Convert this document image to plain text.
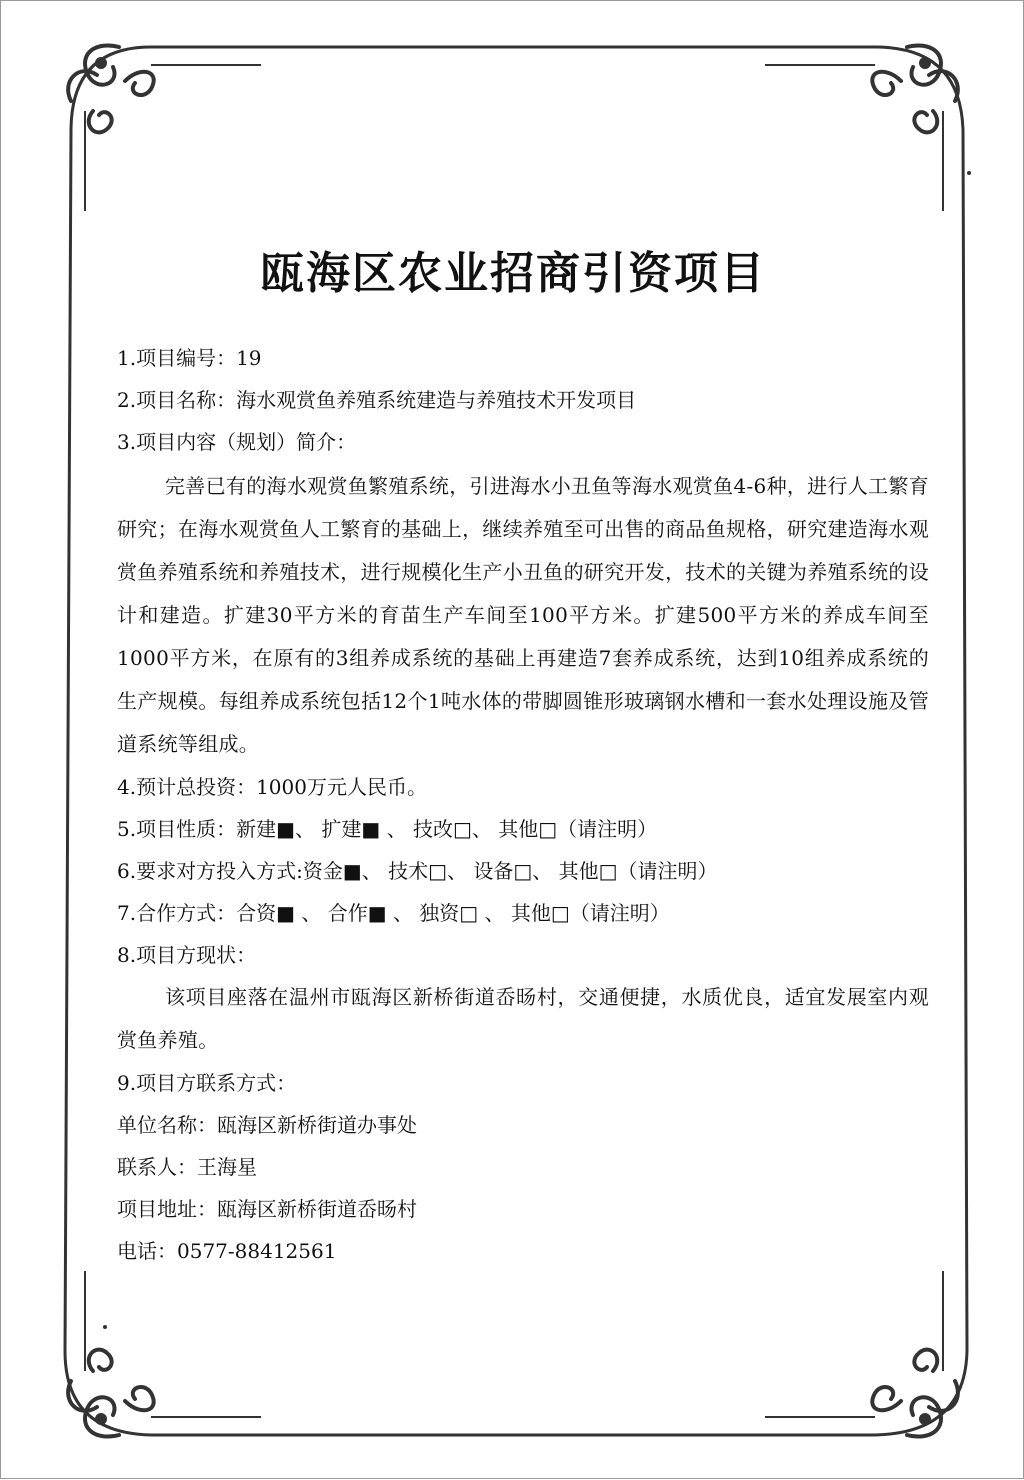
瓯海区农业招商引资项目
1.项目编号：19
2.项目名称：海水观赏鱼养殖系统建造与养殖技术开发项目
3.项目内容（规划）简介：
完善已有的海水观赏鱼繁殖系统，引进海水小丑鱼等海水观赏鱼4-6种，进行人工繁育研究；在海水观赏鱼人工繁育的基础上，继续养殖至可出售的商品鱼规格，研究建造海水观赏鱼养殖系统和养殖技术，进行规模化生产小丑鱼的研究开发，技术的关键为养殖系统的设计和建造。扩建30平方米的育苗生产车间至100平方米。扩建500平方米的养成车间至1000平方米，在原有的3组养成系统的基础上再建造7套养成系统，达到10组养成系统的生产规模。每组养成系统包括12个1吨水体的带脚圆锥形玻璃钢水槽和一套水处理设施及管道系统等组成。
4.预计总投资：1000万元人民币。
5.项目性质：新建■、 扩建■ 、 技改□、 其他□（请注明）
6.要求对方投入方式:资金■、 技术□、 设备□、 其他□（请注明）
7.合作方式：合资■ 、 合作■ 、 独资□ 、 其他□（请注明）
8.项目方现状：
该项目座落在温州市瓯海区新桥街道岙旸村，交通便捷，水质优良，适宜发展室内观赏鱼养殖。
9.项目方联系方式：
单位名称：瓯海区新桥街道办事处
联系人：王海星
项目地址：瓯海区新桥街道岙旸村
电话：0577-88412561
